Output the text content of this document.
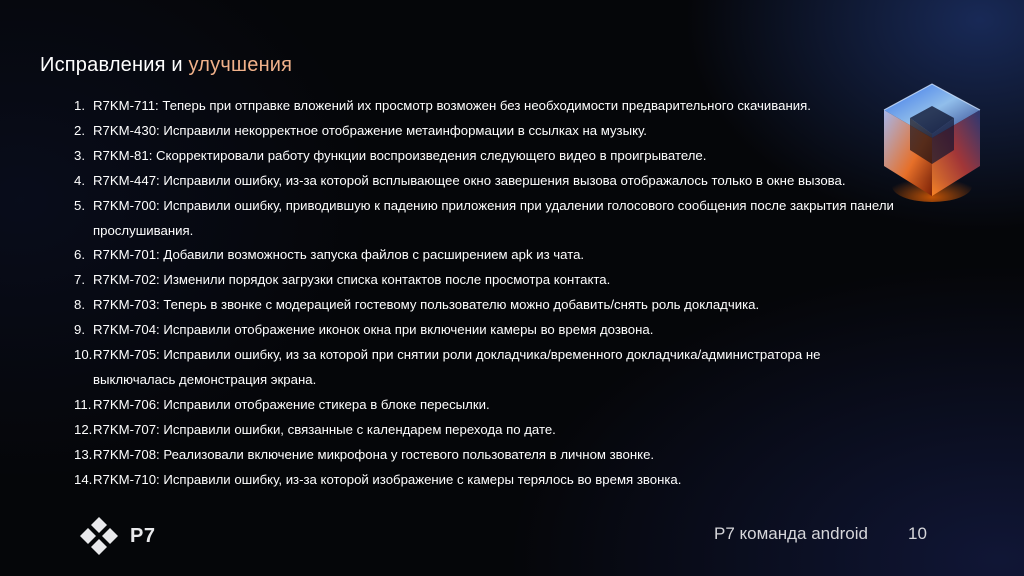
Исправления и улучшения
1. R7KM-711: Теперь при отправке вложений их просмотр возможен без необходимости предварительного скачивания.
2. R7KM-430: Исправили некорректное отображение метаинформации в ссылках на музыку.
3. R7KM-81: Скорректировали работу функции воспроизведения следующего видео в проигрывателе.
4. R7KM-447: Исправили ошибку, из-за которой всплывающее окно завершения вызова отображалось только в окне вызова.
5. R7KM-700: Исправили ошибку, приводившую к падению приложения при удалении голосового сообщения после закрытия панели прослушивания.
6. R7KM-701: Добавили возможность запуска файлов с расширением apk из чата.
7. R7KM-702: Изменили порядок загрузки списка контактов после просмотра контакта.
8. R7KM-703: Теперь в звонке с модерацией гостевому пользователю можно добавить/снять роль докладчика.
9. R7KM-704: Исправили отображение иконок окна при включении камеры во время дозвона.
10. R7KM-705: Исправили ошибку, из за которой при снятии роли докладчика/временного докладчика/администратора не выключалась демонстрация экрана.
11. R7KM-706: Исправили отображение стикера в блоке пересылки.
12. R7KM-707: Исправили ошибки, связанные с календарем перехода по дате.
13. R7KM-708: Реализовали включение микрофона у гостевого пользователя в личном звонке.
14. R7KM-710: Исправили ошибку, из-за которой изображение с камеры терялось во время звонка.
P7	Р7 команда android 10
